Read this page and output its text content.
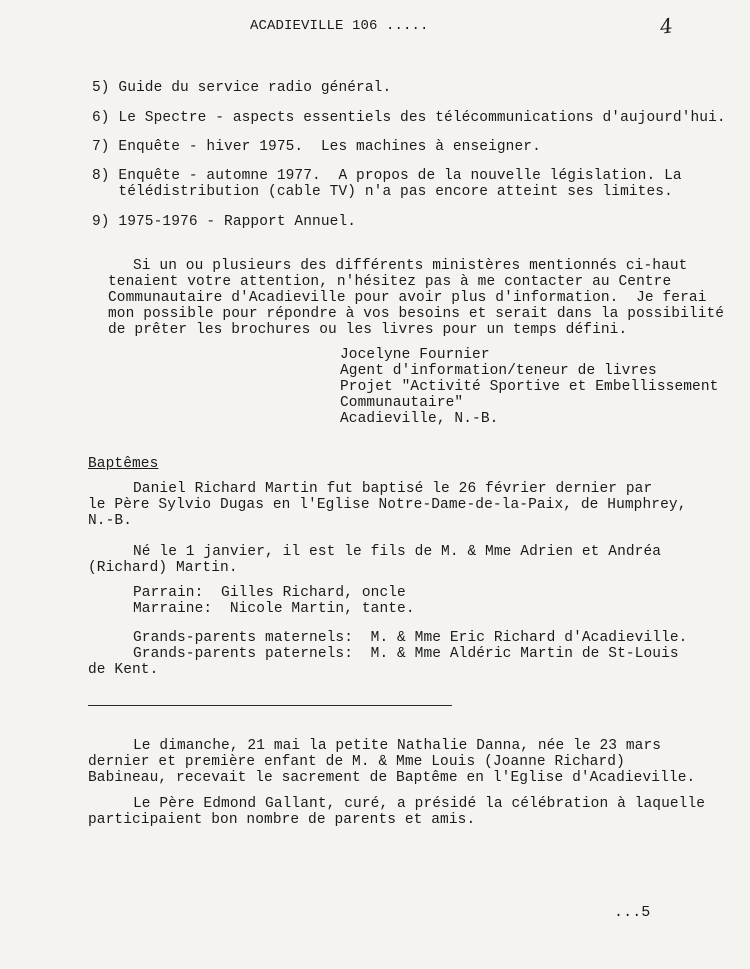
ACADIEVILLE 106 .....	4
5) Guide du service radio général.
6) Le Spectre - aspects essentiels des télécommunications d'aujourd'hui.
7) Enquête - hiver 1975.  Les machines à enseigner.
8) Enquête - automne 1977.  A propos de la nouvelle législation. La
télédistribution (cable TV) n'a pas encore atteint ses limites.
9) 1975-1976 - Rapport Annuel.
Si un ou plusieurs des différents ministères mentionnés ci-haut
tenaient votre attention, n'hésitez pas à me contacter au Centre
Communautaire d'Acadieville pour avoir plus d'information.  Je ferai
mon possible pour répondre à vos besoins et serait dans la possibilité
de prêter les brochures ou les livres pour un temps défini.
Jocelyne Fournier
Agent d'information/teneur de livres
Projet "Activité Sportive et Embellissement
Communautaire"
Acadieville, N.-B.
Baptêmes
Daniel Richard Martin fut baptisé le 26 février dernier par
le Père Sylvio Dugas en l'Eglise Notre-Dame-de-la-Paix, de Humphrey,
N.-B.
Né le 1 janvier, il est le fils de M. & Mme Adrien et Andréa
(Richard) Martin.
Parrain:  Gilles Richard, oncle
Marraine:  Nicole Martin, tante.
Grands-parents maternels:  M. & Mme Eric Richard d'Acadieville.
Grands-parents paternels:  M. & Mme Aldéric Martin de St-Louis
de Kent.
Le dimanche, 21 mai la petite Nathalie Danna, née le 23 mars
dernier et première enfant de M. & Mme Louis (Joanne Richard)
Babineau, recevait le sacrement de Baptême en l'Eglise d'Acadieville.
Le Père Edmond Gallant, curé, a présidé la célébration à laquelle
participaient bon nombre de parents et amis.
...5
